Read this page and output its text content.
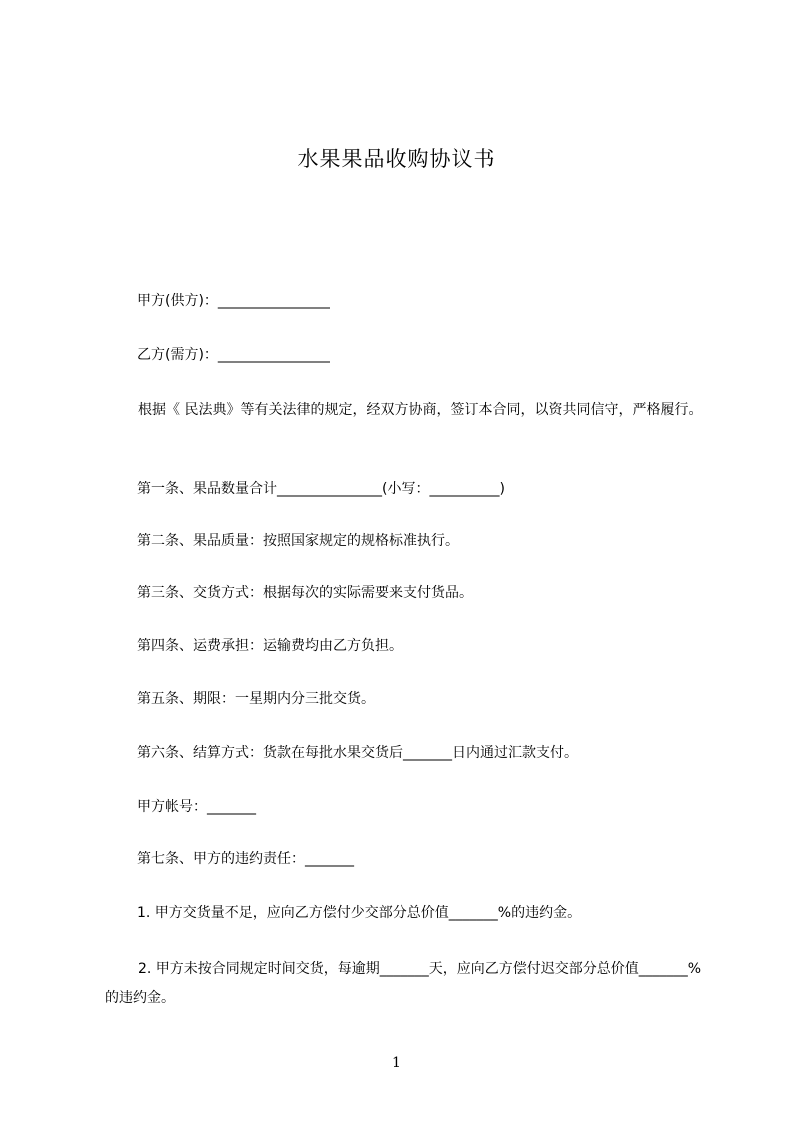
水果果品收购协议书
甲方(供方)：________________
乙方(需方)：________________
根据《 民法典》等有关法律的规定，经双方协商，签订本合同，以资共同信守，严格履行。
第一条、果品数量合计_______________(小写：__________)
第二条、果品质量：按照国家规定的规格标准执行。
第三条、交货方式：根据每次的实际需要来支付货品。
第四条、运费承担：运输费均由乙方负担。
第五条、期限：一星期内分三批交货。
第六条、结算方式：货款在每批水果交货后_______日内通过汇款支付。
甲方帐号：_______
第七条、甲方的违约责任：_______
1. 甲方交货量不足，应向乙方偿付少交部分总价值_______%的违约金。
2. 甲方未按合同规定时间交货，每逾期_______天，应向乙方偿付迟交部分总价值_______%的违约金。
1
